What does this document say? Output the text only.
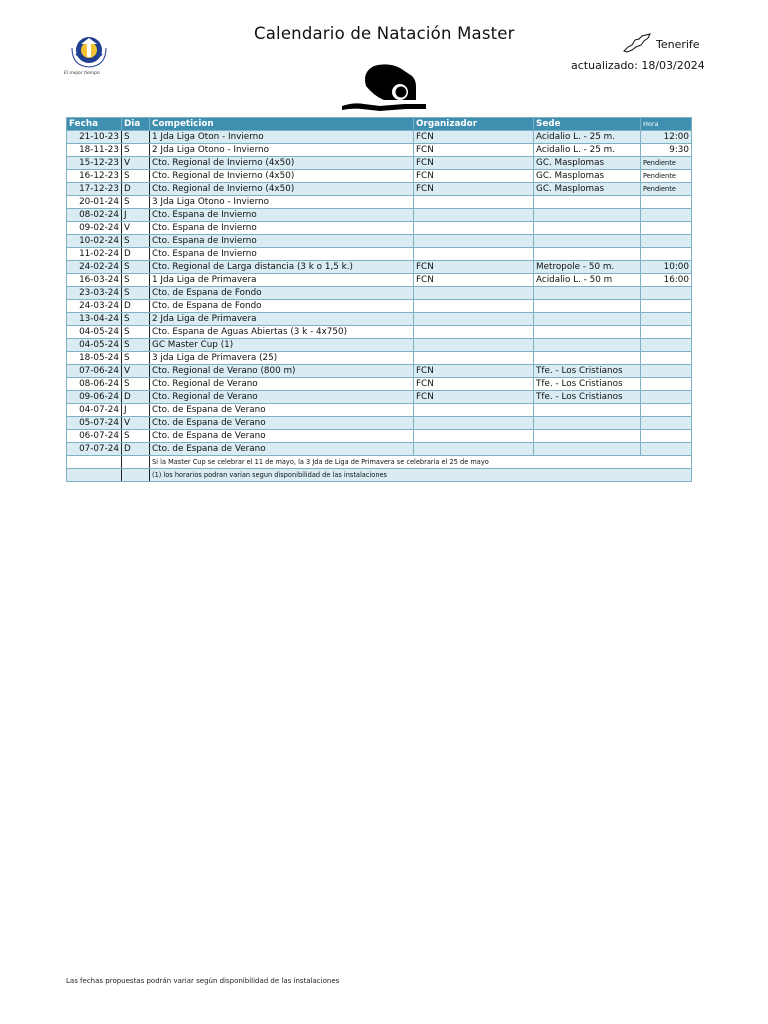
El mejor tiempo
Calendario de Natación Master
Tenerife
actualizado: 18/03/2024
Fecha	Dia	Competicion	Organizador	Sede	Hora
21-10-23	S	1 Jda Liga Oton - Invierno	FCN	Acidalio L. - 25 m.	12:00
18-11-23	S	2 Jda Liga Otono - Invierno	FCN	Acidalio L. - 25 m.	9:30
15-12-23	V	Cto. Regional de Invierno (4x50)	FCN	GC. Masplomas	Pendiente
16-12-23	S	Cto. Regional de Invierno (4x50)	FCN	GC. Masplomas	Pendiente
17-12-23	D	Cto. Regional de Invierno (4x50)	FCN	GC. Masplomas	Pendiente
20-01-24	S	3 Jda Liga Otono - Invierno			
08-02-24	J	Cto. Espana de Invierno			
09-02-24	V	Cto. Espana de Invierno			
10-02-24	S	Cto. Espana de Invierno			
11-02-24	D	Cto. Espana de Invierno			
24-02-24	S	Cto. Regional de Larga distancia (3 k o 1,5 k.)	FCN	Metropole - 50 m.	10:00
16-03-24	S	1 Jda Liga de Primavera	FCN	Acidalio L. - 50 m	16:00
23-03-24	S	Cto. de Espana de Fondo			
24-03-24	D	Cto. de Espana de Fondo			
13-04-24	S	2 Jda Liga de Primavera			
04-05-24	S	Cto. Espana de Aguas Abiertas (3 k - 4x750)			
04-05-24	S	GC Master Cup (1)			
18-05-24	S	3 jda Liga de Primavera (25)			
07-06-24	V	Cto. Regional de Verano (800 m)	FCN	Tfe. - Los Cristianos	
08-06-24	S	Cto. Regional de Verano	FCN	Tfe. - Los Cristianos	
09-06-24	D	Cto. Regional de Verano	FCN	Tfe. - Los Cristianos	
04-07-24	J	Cto. de Espana de Verano			
05-07-24	V	Cto. de Espana de Verano			
06-07-24	S	Cto. de Espana de Verano			
07-07-24	D	Cto. de Espana de Verano			
		Si la Master Cup se celebrar el 11 de mayo, la 3 Jda de Liga de Primavera se celebraria el 25 de mayo			
		(1) los horarios podran varian segun disponibilidad de las instalaciones			
Las fechas propuestas podrán variar según disponibilidad de las instalaciones
